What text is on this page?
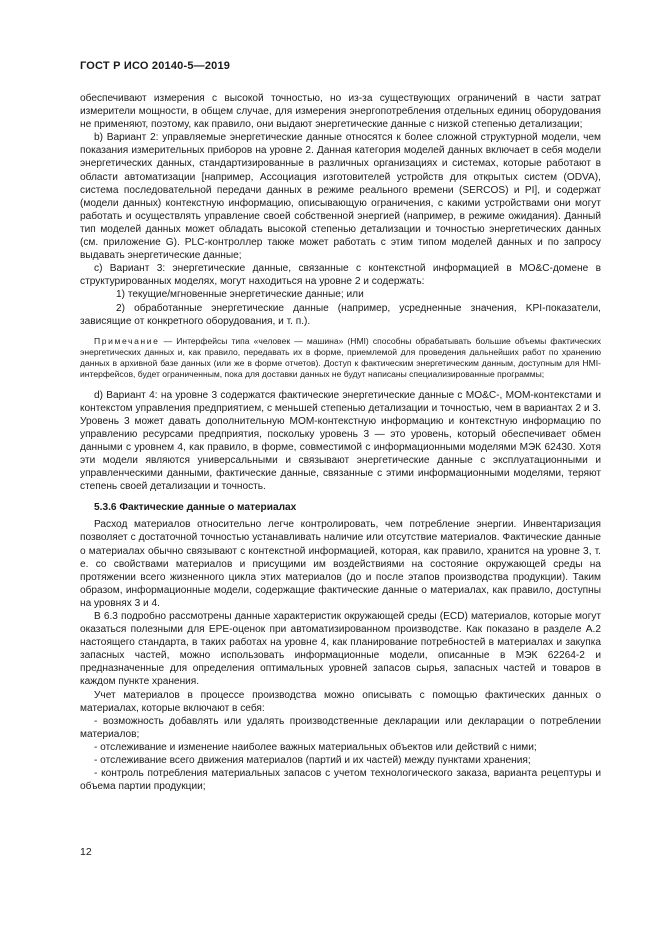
ГОСТ Р ИСО 20140-5—2019

обеспечивают измерения с высокой точностью, но из-за существующих ограничений в части затрат измерители мощности, в общем случае, для измерения энергопотребления отдельных единиц оборудования не применяют, поэтому, как правило, они выдают энергетические данные с низкой степенью детализации;

b) Вариант 2: управляемые энергетические данные относятся к более сложной структурной модели, чем показания измерительных приборов на уровне 2. Данная категория моделей данных включает в себя модели энергетических данных, стандартизированные в различных организациях и системах, которые работают в области автоматизации [например, Ассоциация изготовителей устройств для открытых систем (ODVA), система последовательной передачи данных в режиме реального времени (SERCOS) и PI], и содержат (модели данных) контекстную информацию, описывающую ограничения, с какими устройствами они могут работать и осуществлять управление своей собственной энергией (например, в режиме ожидания). Данный тип моделей данных может обладать высокой степенью детализации и точностью энергетических данных (см. приложение G). PLC-контроллер также может работать с этим типом моделей данных и по запросу выдавать энергетические данные;

c) Вариант 3: энергетические данные, связанные с контекстной информацией в MO&C-домене в структурированных моделях, могут находиться на уровне 2 и содержать:

1) текущие/мгновенные энергетические данные; или

2) обработанные энергетические данные (например, усредненные значения, KPI-показатели, зависящие от конкретного оборудования, и т. п.).

Примечание — Интерфейсы типа «человек — машина» (HMI) способны обрабатывать большие объемы фактических энергетических данных и, как правило, передавать их в форме, приемлемой для проведения дальнейших работ по хранению данных в архивной базе данных (или же в форме отчетов). Доступ к фактическим энергетическим данным, доступным для HMI-интерфейсов, будет ограниченным, пока для доставки данных не будут написаны специализированные программы;

d) Вариант 4: на уровне 3 содержатся фактические энергетические данные с MO&C-, MOM-контекстами и контекстом управления предприятием, с меньшей степенью детализации и точностью, чем в вариантах 2 и 3. Уровень 3 может давать дополнительную MOM-контекстную информацию и контекстную информацию по управлению ресурсами предприятия, поскольку уровень 3 — это уровень, который обеспечивает обмен данными с уровнем 4, как правило, в форме, совместимой с информационными моделями МЭК 62430. Хотя эти модели являются универсальными и связывают энергетические данные с эксплуатационными и управленческими данными, фактические данные, связанные с этими информационными моделями, теряют степень своей детализации и точность.

5.3.6 Фактические данные о материалах

Расход материалов относительно легче контролировать, чем потребление энергии. Инвентаризация позволяет с достаточной точностью устанавливать наличие или отсутствие материалов. Фактические данные о материалах обычно связывают с контекстной информацией, которая, как правило, хранится на уровне 3, т. е. со свойствами материалов и присущими им воздействиями на состояние окружающей среды на протяжении всего жизненного цикла этих материалов (до и после этапов производства продукции). Таким образом, информационные модели, содержащие фактические данные о материалах, как правило, доступны на уровнях 3 и 4.

В 6.3 подробно рассмотрены данные характеристик окружающей среды (ECD) материалов, которые могут оказаться полезными для EPE-оценок при автоматизированном производстве. Как показано в разделе A.2 настоящего стандарта, в таких работах на уровне 4, как планирование потребностей в материалах и закупка запасных частей, можно использовать информационные модели, описанные в МЭК 62264-2 и предназначенные для определения оптимальных уровней запасов сырья, запасных частей и товаров в каждом пункте хранения.

Учет материалов в процессе производства можно описывать с помощью фактических данных о материалах, которые включают в себя:

- возможность добавлять или удалять производственные декларации или декларации о потреблении материалов;

- отслеживание и изменение наиболее важных материальных объектов или действий с ними;

- отслеживание всего движения материалов (партий и их частей) между пунктами хранения;

- контроль потребления материальных запасов с учетом технологического заказа, варианта рецептуры и объема партии продукции;

12
